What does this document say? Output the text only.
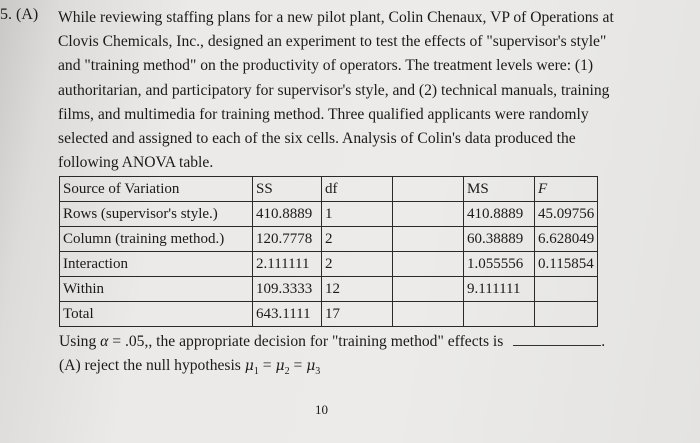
5. (A) While reviewing staffing plans for a new pilot plant, Colin Chenaux, VP of Operations at
Clovis Chemicals, Inc., designed an experiment to test the effects of "supervisor's style"
and "training method" on the productivity of operators. The treatment levels were: (1)
authoritarian, and participatory for supervisor's style, and (2) technical manuals, training
films, and multimedia for training method. Three qualified applicants were randomly
selected and assigned to each of the six cells. Analysis of Colin's data produced the
following ANOVA table.
Source of Variation	SS	df		MS	F
Rows (supervisor's style.)	410.8889	1		410.8889	45.09756
Column (training method.)	120.7778	2		60.38889	6.628049
Interaction	2.111111	2		1.055556	0.115854
Within	109.3333	12		9.111111	
Total	643.1111	17			
Using α = .05,, the appropriate decision for "training method" effects is	.
(A) reject the null hypothesis $\mu_1 = \mu_2 = \mu_3$
10
